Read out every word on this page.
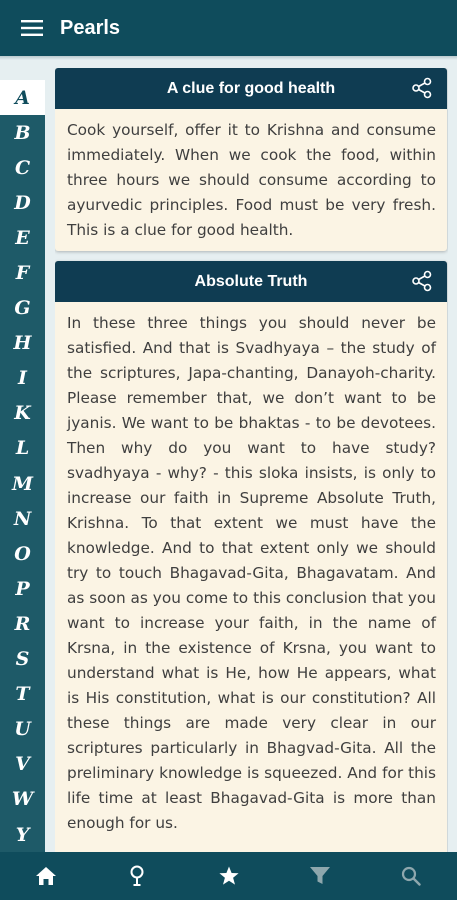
Pearls
A
B
C
D
E
F
G
H
I
K
L
M
N
O
P
R
S
T
U
V
W
Y
A clue for good health
Cook yourself, offer it to Krishna and consume immediately. When we cook the food, within three hours we should consume according to ayurvedic principles. Food must be very fresh. This is a clue for good health.
Absolute Truth
In these three things you should never be satisfied. And that is Svadhyaya – the study of the scriptures, Japa-chanting, Danayoh-charity. Please remember that, we don’t want to be jyanis. We want to be bhaktas - to be devotees. Then why do you want to have study? svadhyaya - why? - this sloka insists, is only to increase our faith in Supreme Absolute Truth, Krishna. To that extent we must have the knowledge. And to that extent only we should try to touch Bhagavad-Gita, Bhagavatam. And as soon as you come to this conclusion that you want to increase your faith, in the name of Krsna, in the existence of Krsna, you want to understand what is He, how He appears, what is His constitution, what is our constitution? All these things are made very clear in our scriptures particularly in Bhagvad-Gita. All the preliminary knowledge is squeezed. And for this life time at least Bhagavad-Gita is more than enough for us.
